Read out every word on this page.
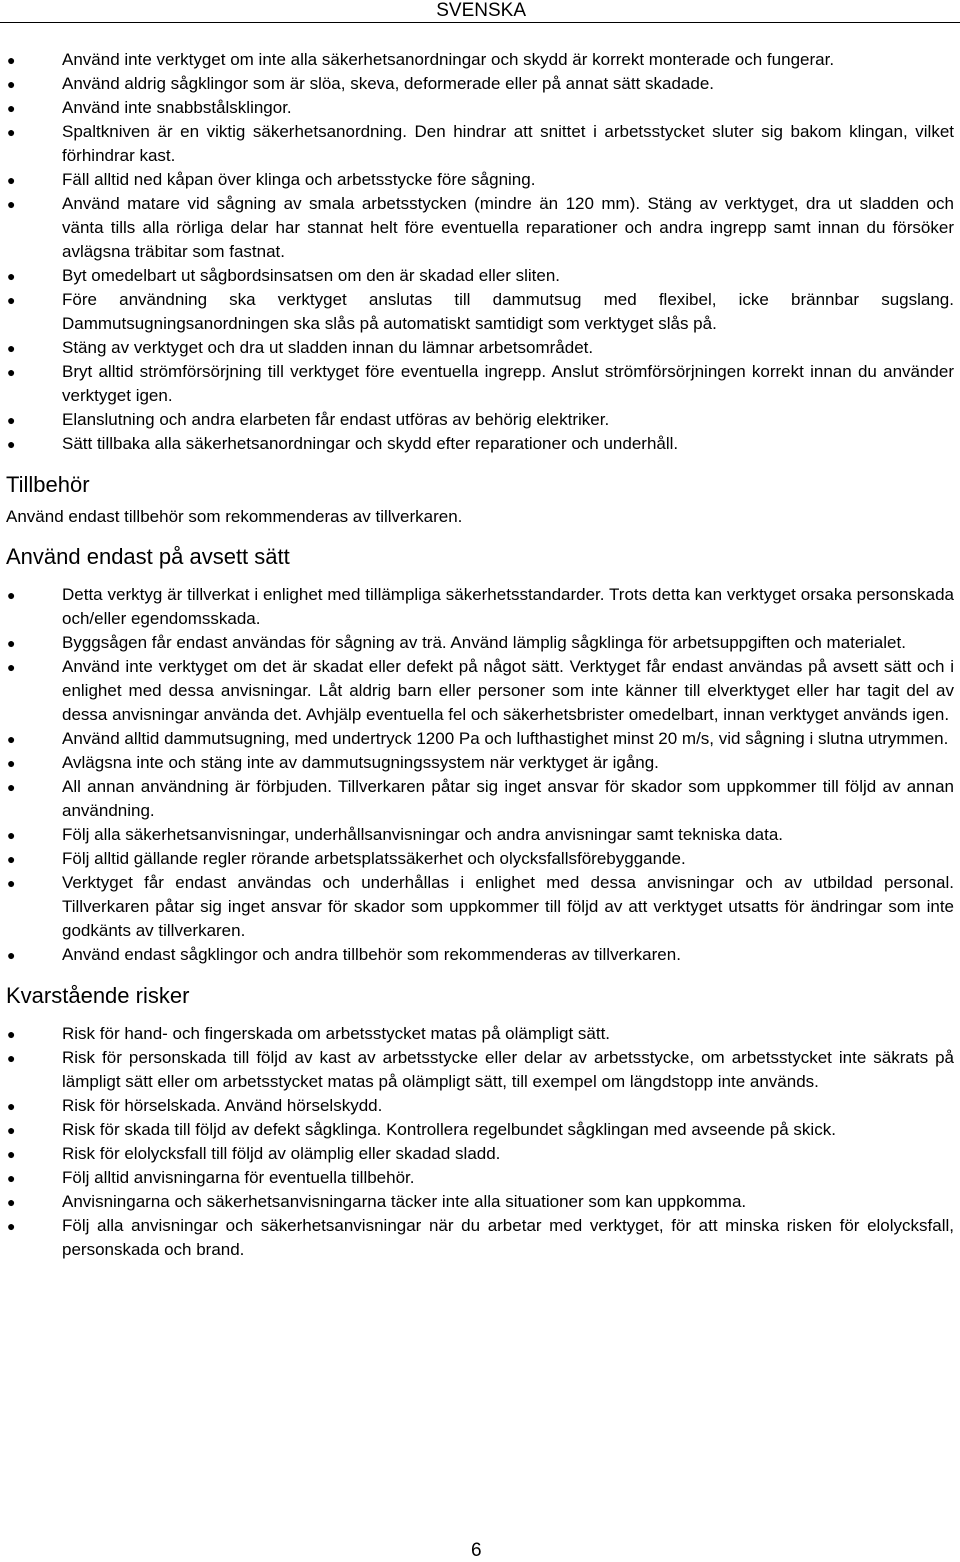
SVENSKA
●	Använd inte verktyget om inte alla säkerhetsanordningar och skydd är korrekt monterade och fungerar.
●	Använd aldrig sågklingor som är slöa, skeva, deformerade eller på annat sätt skadade.
●	Använd inte snabbstålsklingor.
●	Spaltkniven är en viktig säkerhetsanordning. Den hindrar att snittet i arbetsstycket sluter sig bakom klingan, vilket förhindrar kast.
●	Fäll alltid ned kåpan över klinga och arbetsstycke före sågning.
●	Använd matare vid sågning av smala arbetsstycken (mindre än 120 mm). Stäng av verktyget, dra ut sladden och vänta tills alla rörliga delar har stannat helt före eventuella reparationer och andra ingrepp samt innan du försöker avlägsna träbitar som fastnat.
●	Byt omedelbart ut sågbordsinsatsen om den är skadad eller sliten.
●	Före användning ska verktyget anslutas till dammutsug med flexibel, icke brännbar sugslang. Dammutsugningsanordningen ska slås på automatiskt samtidigt som verktyget slås på.
●	Stäng av verktyget och dra ut sladden innan du lämnar arbetsområdet.
●	Bryt alltid strömförsörjning till verktyget före eventuella ingrepp. Anslut strömförsörjningen korrekt innan du använder verktyget igen.
●	Elanslutning och andra elarbeten får endast utföras av behörig elektriker.
●	Sätt tillbaka alla säkerhetsanordningar och skydd efter reparationer och underhåll.
Tillbehör

Använd endast tillbehör som rekommenderas av tillverkaren.

Använd endast på avsett sätt
●	Detta verktyg är tillverkat i enlighet med tillämpliga säkerhetsstandarder. Trots detta kan verktyget orsaka personskada och/eller egendomsskada.
●	Byggsågen får endast användas för sågning av trä. Använd lämplig sågklinga för arbetsuppgiften och materialet.
●	Använd inte verktyget om det är skadat eller defekt på något sätt. Verktyget får endast användas på avsett sätt och i enlighet med dessa anvisningar. Låt aldrig barn eller personer som inte känner till elverktyget eller har tagit del av dessa anvisningar använda det. Avhjälp eventuella fel och säkerhetsbrister omedelbart, innan verktyget används igen.
●	Använd alltid dammutsugning, med undertryck 1200 Pa och lufthastighet minst 20 m/s, vid sågning i slutna utrymmen.
●	Avlägsna inte och stäng inte av dammutsugningssystem när verktyget är igång.
●	All annan användning är förbjuden. Tillverkaren påtar sig inget ansvar för skador som uppkommer till följd av annan användning.
●	Följ alla säkerhetsanvisningar, underhållsanvisningar och andra anvisningar samt tekniska data.
●	Följ alltid gällande regler rörande arbetsplatssäkerhet och olycksfallsförebyggande.
●	Verktyget får endast användas och underhållas i enlighet med dessa anvisningar och av utbildad personal. Tillverkaren påtar sig inget ansvar för skador som uppkommer till följd av att verktyget utsatts för ändringar som inte godkänts av tillverkaren.
●	Använd endast sågklingor och andra tillbehör som rekommenderas av tillverkaren.
Kvarstående risker
●	Risk för hand- och fingerskada om arbetsstycket matas på olämpligt sätt.
●	Risk för personskada till följd av kast av arbetsstycke eller delar av arbetsstycke, om arbetsstycket inte säkrats på lämpligt sätt eller om arbetsstycket matas på olämpligt sätt, till exempel om längdstopp inte används.
●	Risk för hörselskada. Använd hörselskydd.
●	Risk för skada till följd av defekt sågklinga. Kontrollera regelbundet sågklingan med avseende på skick.
●	Risk för elolycksfall till följd av olämplig eller skadad sladd.
●	Följ alltid anvisningarna för eventuella tillbehör.
●	Anvisningarna och säkerhetsanvisningarna täcker inte alla situationer som kan uppkomma.
●	Följ alla anvisningar och säkerhetsanvisningar när du arbetar med verktyget, för att minska risken för elolycksfall, personskada och brand.
6
